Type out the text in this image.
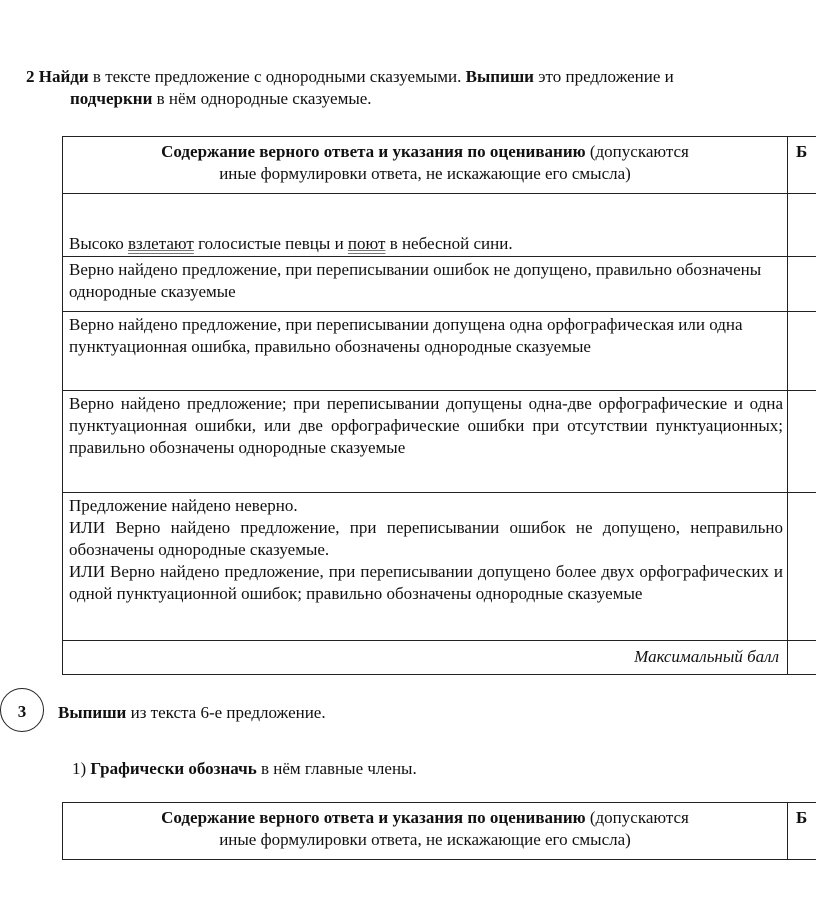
2 Найди в тексте предложение с однородными сказуемыми. Выпиши это предложение и
подчеркни в нём однородные сказуемые.
Содержание верного ответа и указания по оцениванию (допускаются
иные формулировки ответа, не искажающие его смысла)	Б
Высоко взлетают голосистые певцы и поют в небесной сини.	
Верно найдено предложение, при переписывании ошибок не допущено, правильно обозначены однородные сказуемые	
Верно найдено предложение, при переписывании допущена одна орфографическая или одна пунктуационная ошибка, правильно обозначены однородные сказуемые	
Верно найдено предложение; при переписывании допущены одна-две орфографические и одна пунктуационная ошибки, или две орфографические ошибки при отсутствии пунктуационных; правильно обозначены однородные сказуемые	

Предложение найдено неверно.
ИЛИ Верно найдено предложение, при переписывании ошибок не допущено, неправильно обозначены однородные сказуемые.
ИЛИ Верно найдено предложение, при переписывании допущено более двух орфографических и одной пунктуационной ошибок; правильно обозначены однородные сказуемые	

Максимальный балл	
3	Выпиши из текста 6-е предложение.
1) Графически обозначь в нём главные члены.
Содержание верного ответа и указания по оцениванию (допускаются
иные формулировки ответа, не искажающие его смысла)	Б
